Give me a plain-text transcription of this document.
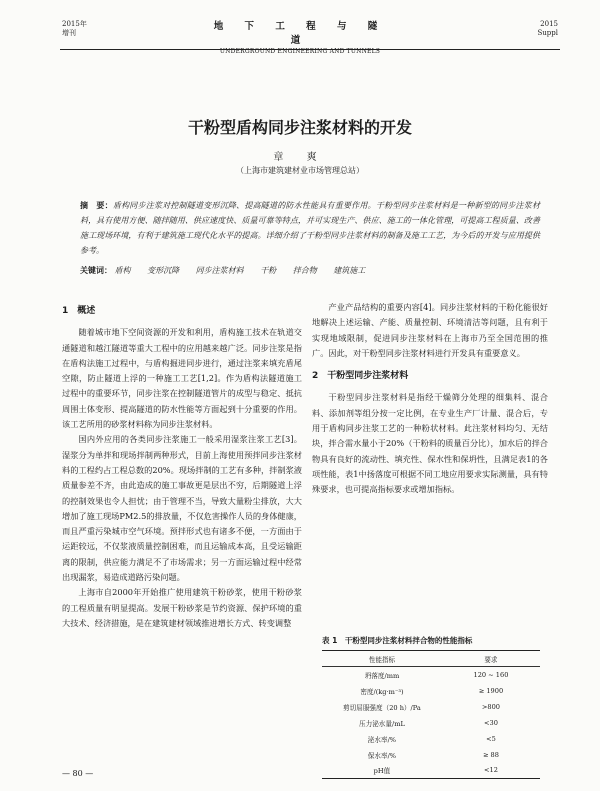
2015年
增刊
地 下 工 程 与 隧 道
UNDERGROUND ENGINEERING AND TUNNELS
2015
Suppl
干粉型盾构同步注浆材料的开发
章 爽
（上海市建筑建材业市场管理总站）
摘　要：盾构同步注浆对控制隧道变形沉降、提高隧道的防水性能具有重要作用。干粉型同步注浆材料是一种新型的同步注浆材料，具有使用方便、随拌随用、供应速度快、质量可靠等特点，并可实现生产、供应、施工的一体化管理，可提高工程质量、改善施工现场环境，有利于建筑施工现代化水平的提高。详细介绍了干粉型同步注浆材料的制备及施工工艺，为今后的开发与应用提供参考。
关键词： 盾构 变形沉降 同步注浆材料 干粉 拌合物 建筑施工
1　概述

随着城市地下空间资源的开发和利用，盾构施工技术在轨道交通隧道和越江隧道等重大工程中的应用越来越广泛。同步注浆是指在盾构法施工过程中，与盾构掘进同步进行，通过注浆来填充盾尾空隙，防止隧道上浮的一种施工工艺[1,2]。作为盾构法隧道施工过程中的重要环节，同步注浆在控制隧道管片的成型与稳定、抵抗周围土体变形、提高隧道的防水性能等方面起到十分重要的作用。该工艺所用的砂浆材料称为同步注浆材料。

国内外应用的各类同步注浆施工一般采用湿浆注浆工艺[3]。湿浆分为单拌和现场拌制两种形式，目前上海使用预拌同步注浆材料的工程约占工程总数的20%。现场拌制的工艺有多种，拌制浆液质量参差不齐，由此造成的施工事故更是层出不穷，后期隧道上浮的控制效果也令人担忧；由于管理不当，导致大量粉尘排放，大大增加了施工现场PM2.5的排放量，不仅危害操作人员的身体健康，而且严重污染城市空气环境。预拌形式也有诸多不便，一方面由于运距较远，不仅浆液质量控制困难，而且运输成本高，且受运输距离的限制，供应能力满足不了市场需求；另一方面运输过程中经常出现漏浆，易造成道路污染问题。

上海市自2000年开始推广使用建筑干粉砂浆，使用干粉砂浆的工程质量有明显提高。发展干粉砂浆是节约资源、保护环境的重大技术、经济措施，是在建筑建材领域推进增长方式、转变调整

产业产品结构的重要内容[4]。同步注浆材料的干粉化能很好地解决上述运输、产能、质量控制、环境清洁等问题，且有利于实现地域限制，促进同步注浆材料在上海市乃至全国范围的推广。因此，对干粉型同步注浆材料进行开发具有重要意义。

2　干粉型同步注浆材料

干粉型同步注浆材料是指经干燥筛分处理的细集料、混合料、添加剂等组分按一定比例，在专业生产厂计量、混合后，专用于盾构同步注浆工艺的一种粉状材料。此注浆材料均匀、无结块，拌合需水量小于20%（干粉料的质量百分比），加水后的拌合物具有良好的流动性、填充性、保水性和保坍性，且满足表1的各项性能，表1中扬落度可根据不同工地应用要求实际测量，具有特殊要求，也可提高指标要求或增加指标。

表 1　干粉型同步注浆材料拌合物的性能指标
性能指标	要求
坍落度/mm	120 ~ 160
密度/(kg·m⁻³)	≥ 1900
剪切屈服强度（20 h）/Pa	>800
压力泌水量/mL	<30
泌水率/%	<5
保水率/%	≥ 88
pH值	<12
— 80 —
